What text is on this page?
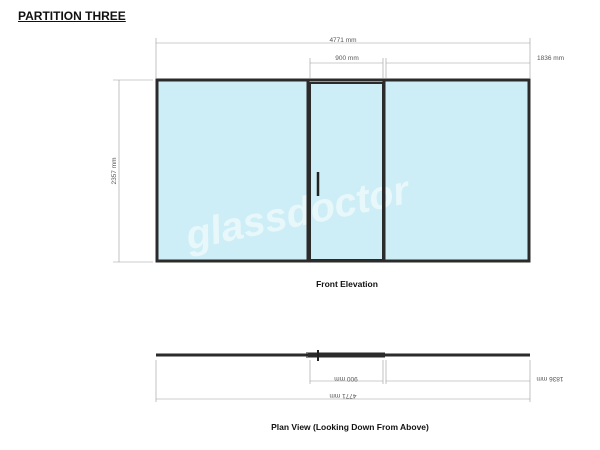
PARTITION THREE
4771 mm
900 mm	1836 mm
2357 mm glassdoctor
Front Elevation
900 mm	1836 mm
4771 mm
Plan View (Looking Down From Above)
